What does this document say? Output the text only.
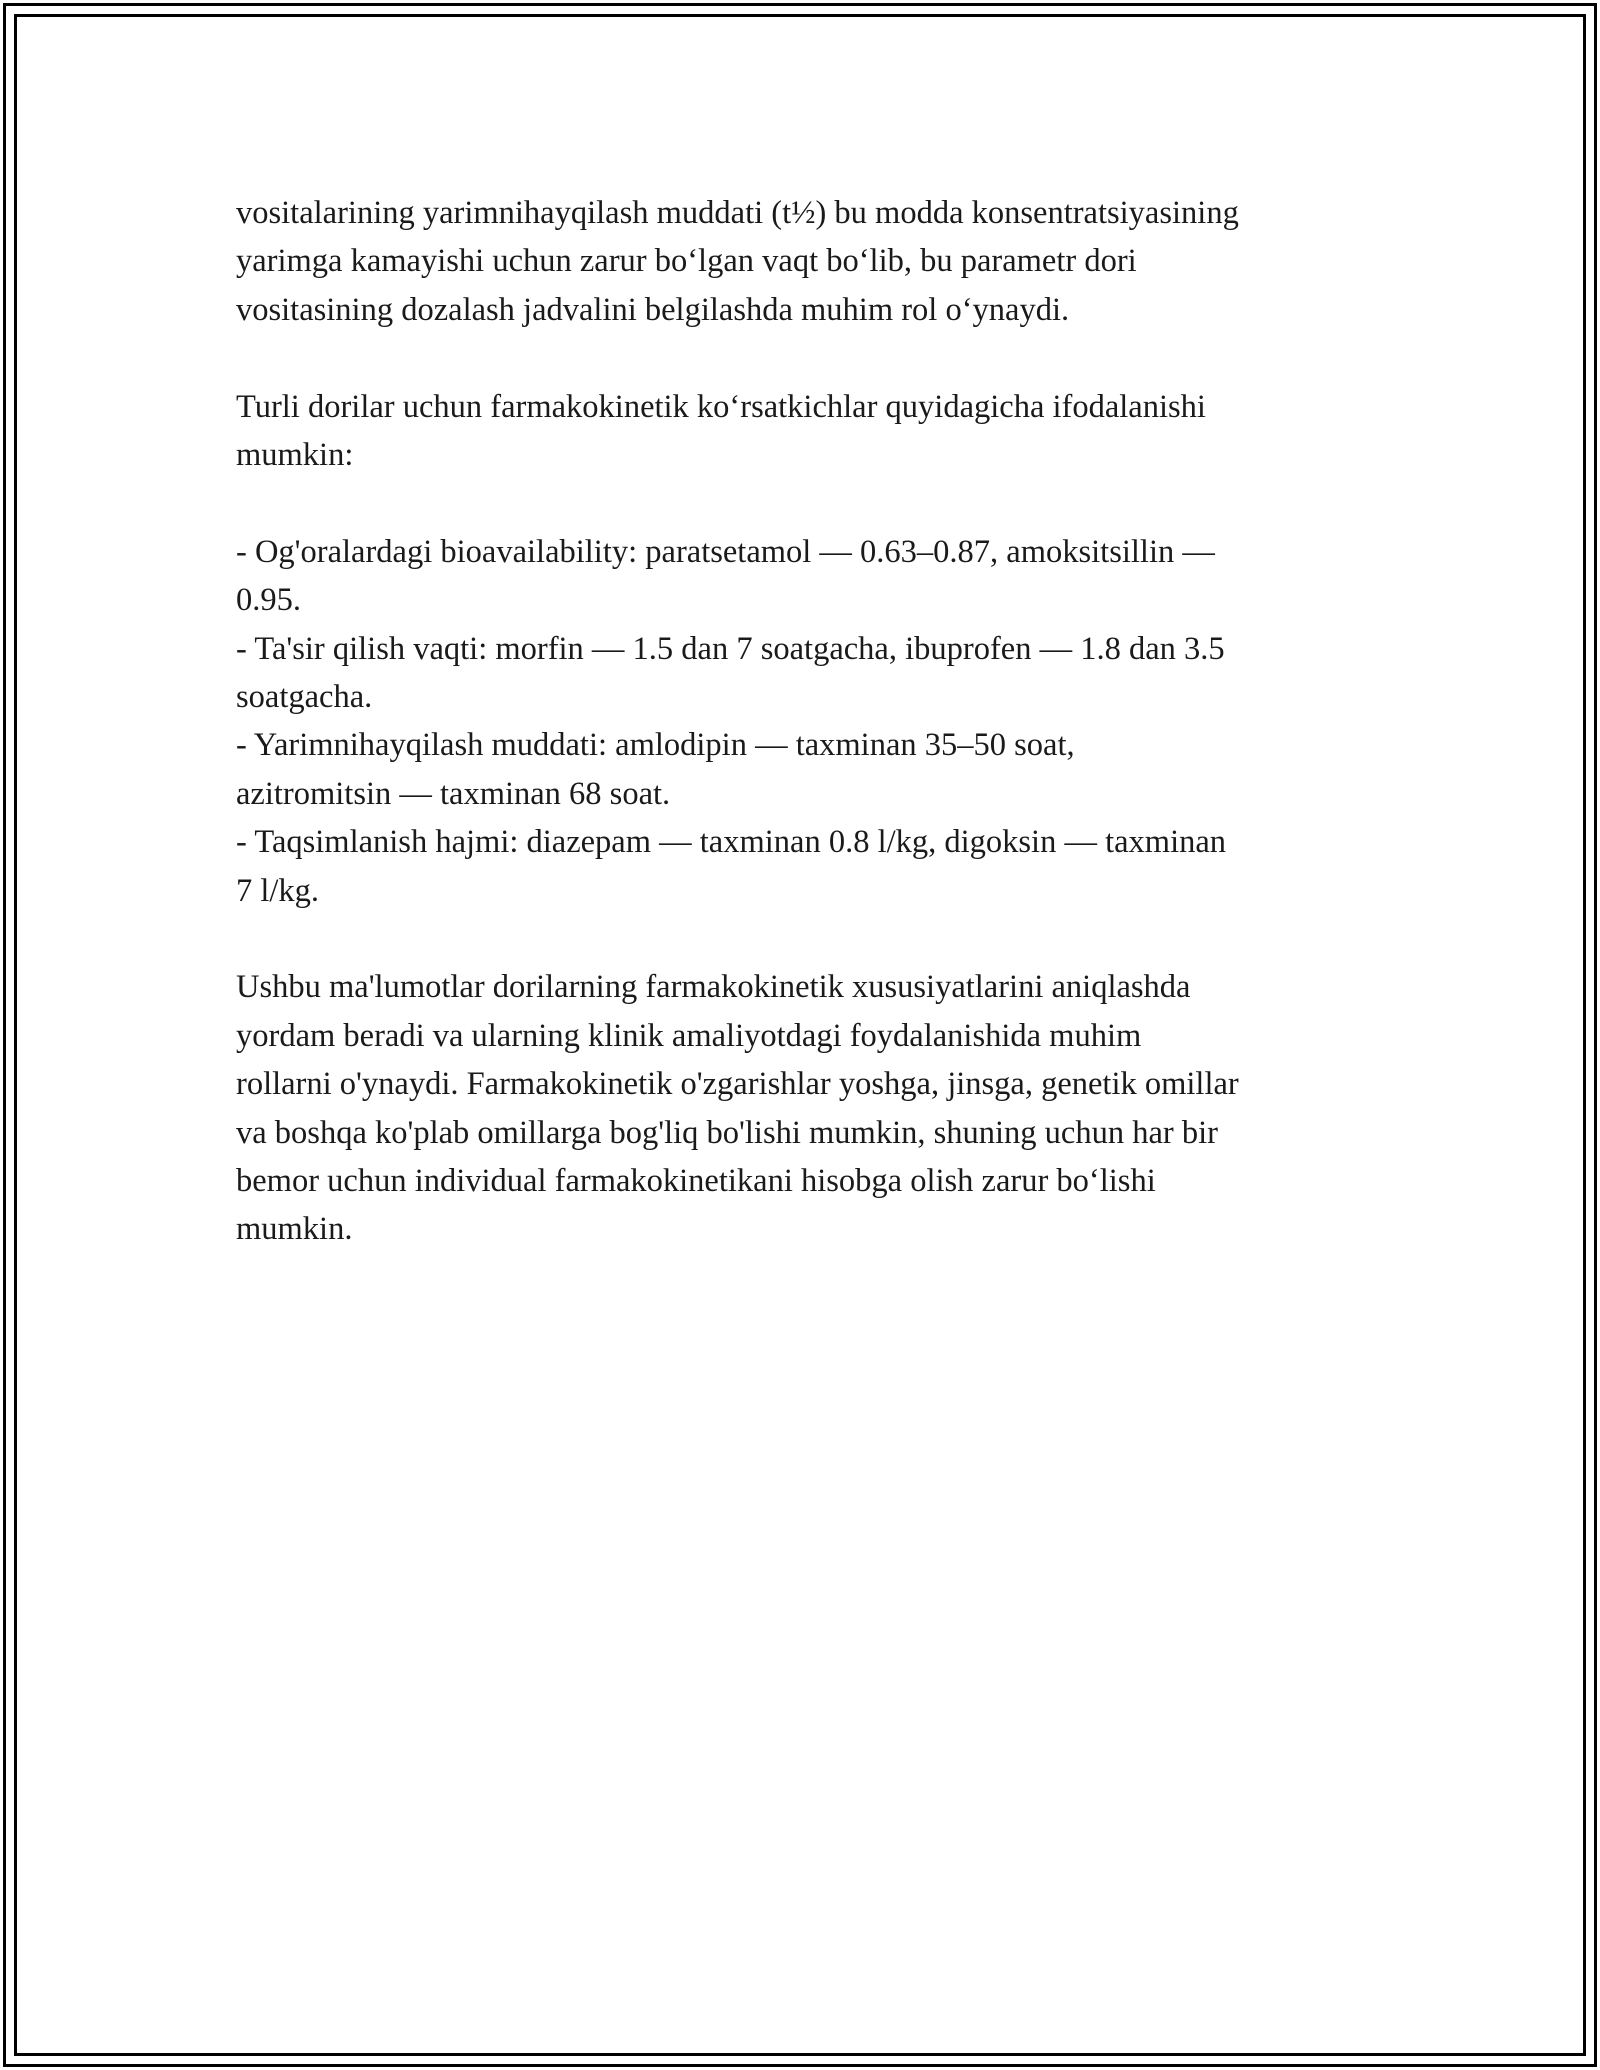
vositalarining yarimnihayqilash muddati (t½) bu modda konsentratsiyasining
yarimga kamayishi uchun zarur bo‘lgan vaqt bo‘lib, bu parametr dori
vositasining dozalash jadvalini belgilashda muhim rol o‘ynaydi.

Turli dorilar uchun farmakokinetik ko‘rsatkichlar quyidagicha ifodalanishi
mumkin:

- Og'oralardagi bioavailability: paratsetamol — 0.63–0.87, amoksitsillin —
0.95.

- Ta'sir qilish vaqti: morfin — 1.5 dan 7 soatgacha, ibuprofen — 1.8 dan 3.5
soatgacha.

- Yarimnihayqilash muddati: amlodipin — taxminan 35–50 soat,
azitromitsin — taxminan 68 soat.

- Taqsimlanish hajmi: diazepam — taxminan 0.8 l/kg, digoksin — taxminan
7 l/kg.

Ushbu ma'lumotlar dorilarning farmakokinetik xususiyatlarini aniqlashda
yordam beradi va ularning klinik amaliyotdagi foydalanishida muhim
rollarni o'ynaydi. Farmakokinetik o'zgarishlar yoshga, jinsga, genetik omillar
va boshqa ko'plab omillarga bog'liq bo'lishi mumkin, shuning uchun har bir
bemor uchun individual farmakokinetikani hisobga olish zarur bo‘lishi
mumkin.
